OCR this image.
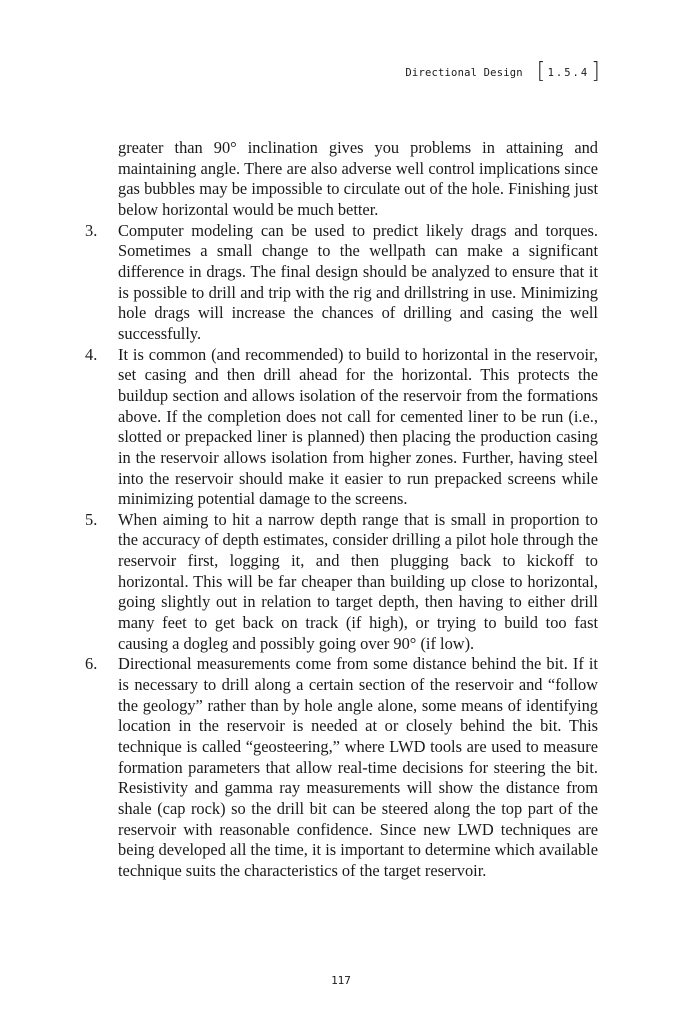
Directional Design [ 1.5.4 ]

greater than 90° inclination gives you problems in attaining and maintaining angle. There are also adverse well control implications since gas bubbles may be impossible to circulate out of the hole. Finishing just below horizontal would be much better.

3.	Computer modeling can be used to predict likely drags and torques. Sometimes a small change to the wellpath can make a significant difference in drags. The final design should be analyzed to ensure that it is possible to drill and trip with the rig and drillstring in use. Minimizing hole drags will increase the chances of drilling and casing the well successfully.
4.	It is common (and recommended) to build to horizontal in the reservoir, set casing and then drill ahead for the horizontal. This protects the buildup section and allows isolation of the reservoir from the formations above. If the completion does not call for cemented liner to be run (i.e., slotted or prepacked liner is planned) then placing the production casing in the reservoir allows isolation from higher zones. Further, having steel into the reservoir should make it easier to run prepacked screens while minimizing potential damage to the screens.
5.	When aiming to hit a narrow depth range that is small in proportion to the accuracy of depth estimates, consider drilling a pilot hole through the reservoir first, logging it, and then plugging back to kickoff to horizontal. This will be far cheaper than building up close to horizontal, going slightly out in relation to target depth, then having to either drill many feet to get back on track (if high), or trying to build too fast causing a dogleg and possibly going over 90° (if low).
6.	Directional measurements come from some distance behind the bit. If it is necessary to drill along a certain section of the reservoir and “follow the geology” rather than by hole angle alone, some means of identifying location in the reservoir is needed at or closely behind the bit. This technique is called “geosteering,” where LWD tools are used to measure formation parameters that allow real-time decisions for steering the bit. Resistivity and gamma ray measurements will show the distance from shale (cap rock) so the drill bit can be steered along the top part of the reservoir with reasonable confidence. Since new LWD techniques are being developed all the time, it is important to determine which available technique suits the characteristics of the target reservoir.
117
